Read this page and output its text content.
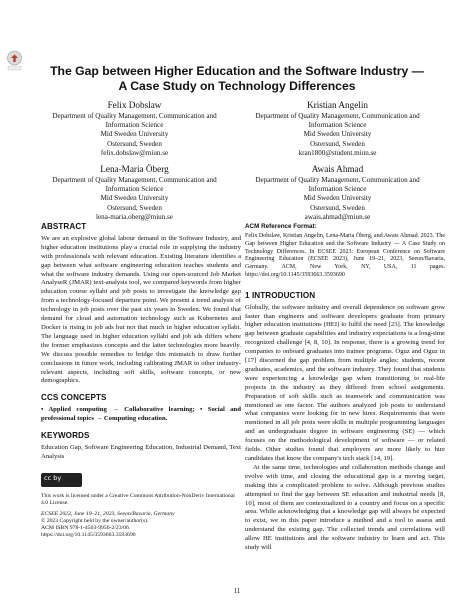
The Gap between Higher Education and the Software Industry —
A Case Study on Technology Differences
Felix Dobslaw
Department of Quality Management, Communication and
Information Science
Mid Sweden University
Ostersund, Sweden
felix.dobslaw@miun.se
Kristian Angelin
Department of Quality Management, Communication and
Information Science
Mid Sweden University
Ostersund, Sweden
kran1800@student.miun.se
Lena-Maria Öberg
Department of Quality Management, Communication and
Information Science
Mid Sweden University
Ostersund, Sweden
lena-maria.oberg@miun.se
Awais Ahmad
Department of Quality Management, Communication and
Information Science
Mid Sweden University
Ostersund, Sweden
awais.ahmad@miun.se
ABSTRACT

We are an explosive global labour demand in the Software Industry, and higher education institutions play a crucial role in supplying the industry with professionals with relevant education. Existing literature identifies a gap between what software engineering education teaches students and what the software industry demands. Using our open-sourced Job Market AnalyseR (JMAR) text-analysis tool, we compared keywords from higher education course syllabi and job posts to investigate the knowledge gap from a technology-focused departure point. We present a trend analysis of technology in job posts over the past six years in Sweden. We found that demand for cloud and automation technology such as Kubernetes and Docker is rising in job ads but not that much in higher education syllabi. The language used in higher education syllabi and job ads differs where the former emphasizes concepts and the latter technologies more heavily. We discuss possible remedies to bridge this mismatch to draw further conclusions in future work, including calibrating JMAR to other industry-relevant aspects, including soft skills, software concepts, or new demographics.

CCS CONCEPTS

• Applied computing → Collaborative learning; • Social and professional topics → Computing education.

KEYWORDS

Education Gap, Software Engineering Education, Industrial Demand, Text Analysis

cc by
This work is licensed under a Creative Commons Attribution-NonDeriv International 4.0 License.
ECSEE 2023, June 19–21, 2023, Seeon/Bavaria, Germany
© 2023 Copyright held by the owner/author(s).
ACM ISBN 978-1-4503-9956-2/23/06.
https://doi.org/10.1145/3593663.3593690
ACM Reference Format:

Felix Dobslaw, Kristian Angelin, Lena-Maria Öberg, and Awais Ahmad. 2023. The Gap between Higher Education and the Software Industry — A Case Study on Technology Differences. In ECSEE 2023: European Conference on Software Engineering Education (ECSEE 2023), June 19–21, 2023, Seeon/Bavaria, Germany. ACM, New York, NY, USA, 11 pages. https://doi.org/10.1145/3593663.3593690

1 INTRODUCTION

Globally, the software industry and overall dependence on software grow faster than engineers and software developers graduate from primary higher education institutions (HEI) to fulfil the need [23]. The knowledge gap between graduate capabilities and industry expectations is a long-time recognized challenge [4, 8, 10]. In response, there is a growing trend for companies to onboard graduates into trainee programs. Oguz and Oguz in [17] discerned the gap problem from multiple angles: students, recent graduates, academics, and the software industry. They found that students were experiencing a knowledge gap when transitioning to real-life projects in the industry as they differed from school assignments. Preparation of soft skills such as teamwork and communication was mentioned as one factor. The authors analyzed job posts to understand what companies were looking for in new hires. Requirements that were mentioned in all job posts were skills in multiple programming languages and an undergraduate degree in software engineering (SE) — which focuses on the methodological development of software — or related fields. Other studies found that employers are more likely to hire candidates that know the company's tech stack [14, 19].

At the same time, technologies and collaboration methods change and evolve with time, and closing the educational gap is a moving target, making this a complicated problem to solve. Although previous studies attempted to find the gap between SE education and industrial needs [8, 10], most of them are contextualized to a country and focus on a specific area. While acknowledging that a knowledge gap will always be expected to exist, we in this paper introduce a method and a tool to assess and understand the existing gap. The collected trends and correlations will allow HE institutions and the software industry to learn and act. This study will

11
